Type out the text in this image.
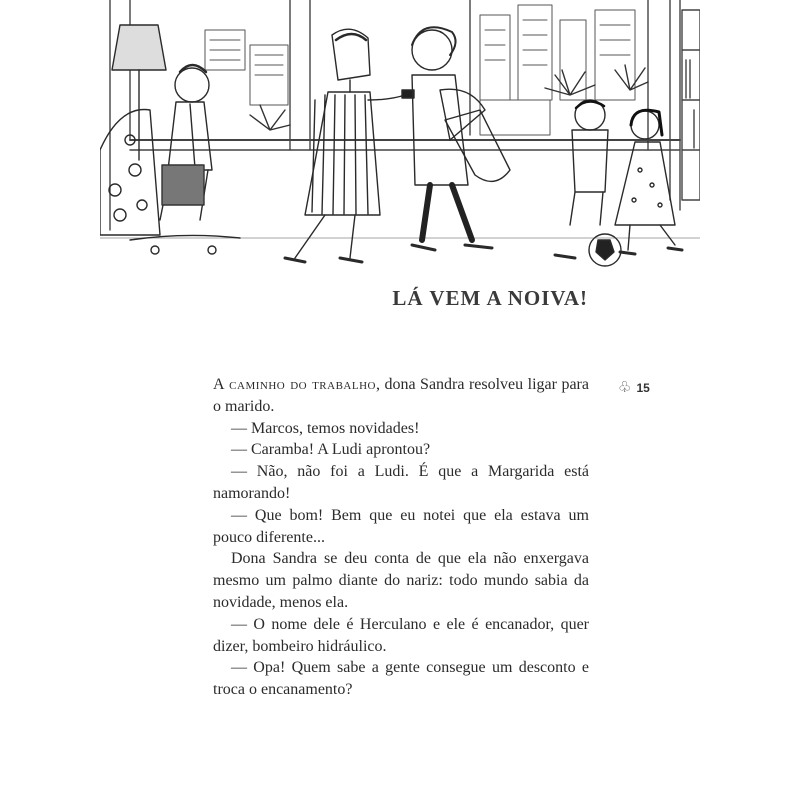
LÁ VEM A NOIVA!
♧ 15

A caminho do trabalho, dona Sandra resolveu ligar para o marido.

— Marcos, temos novidades!

— Caramba! A Ludi aprontou?

— Não, não foi a Ludi. É que a Margarida está namorando!

— Que bom! Bem que eu notei que ela estava um pouco diferente...

Dona Sandra se deu conta de que ela não enxergava mesmo um palmo diante do nariz: todo mundo sabia da novidade, menos ela.

— O nome dele é Herculano e ele é encanador, quer dizer, bombeiro hidráulico.

— Opa! Quem sabe a gente consegue um desconto e troca o encanamento?
